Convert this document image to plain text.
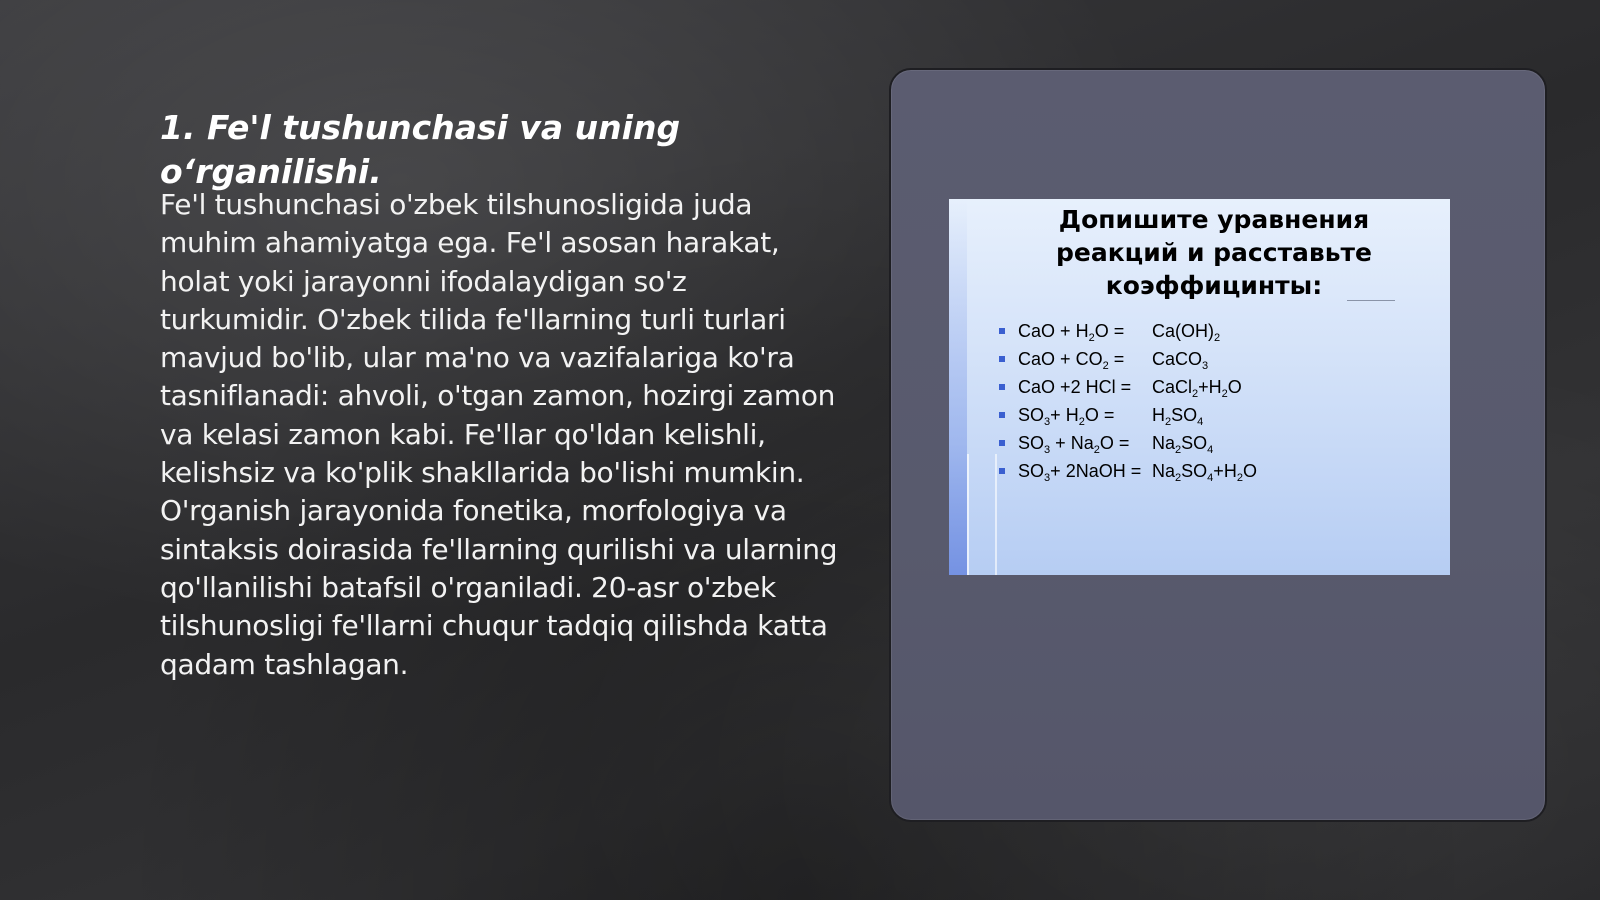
1. Fe'l tushunchasi va uning o‘rganilishi.

Fe'l tushunchasi o'zbek tilshunosligida juda muhim ahamiyatga ega. Fe'l asosan harakat, holat yoki jarayonni ifodalaydigan so'z turkumidir. O'zbek tilida fe'llarning turli turlari mavjud bo'lib, ular ma'no va vazifalariga ko'ra tasniflanadi: ahvoli, o'tgan zamon, hozirgi zamon va kelasi zamon kabi. Fe'llar qo'ldan kelishli, kelishsiz va ko'plik shakllarida bo'lishi mumkin. O'rganish jarayonida fonetika, morfologiya va sintaksis doirasida fe'llarning qurilishi va ularning qo'llanilishi batafsil o'rganiladi. 20-asr o'zbek tilshunosligi fe'llarni chuqur tadqiq qilishda katta qadam tashlagan.

Допишите уравнения реакций и расставьте коэффицинты:
CaO + $H_2O = Ca(OH)_2$
CaO + $CO_2$ = CaCO$_3$
CaO +2 HCl = $CaCl_2+H_2O$
$SO_3+ H_2O = H_2SO_4$
$SO_3 + Na_2O = Na_2SO_4$
$SO_3+$ 2NaOH = $Na_2SO_4+H_2O$
